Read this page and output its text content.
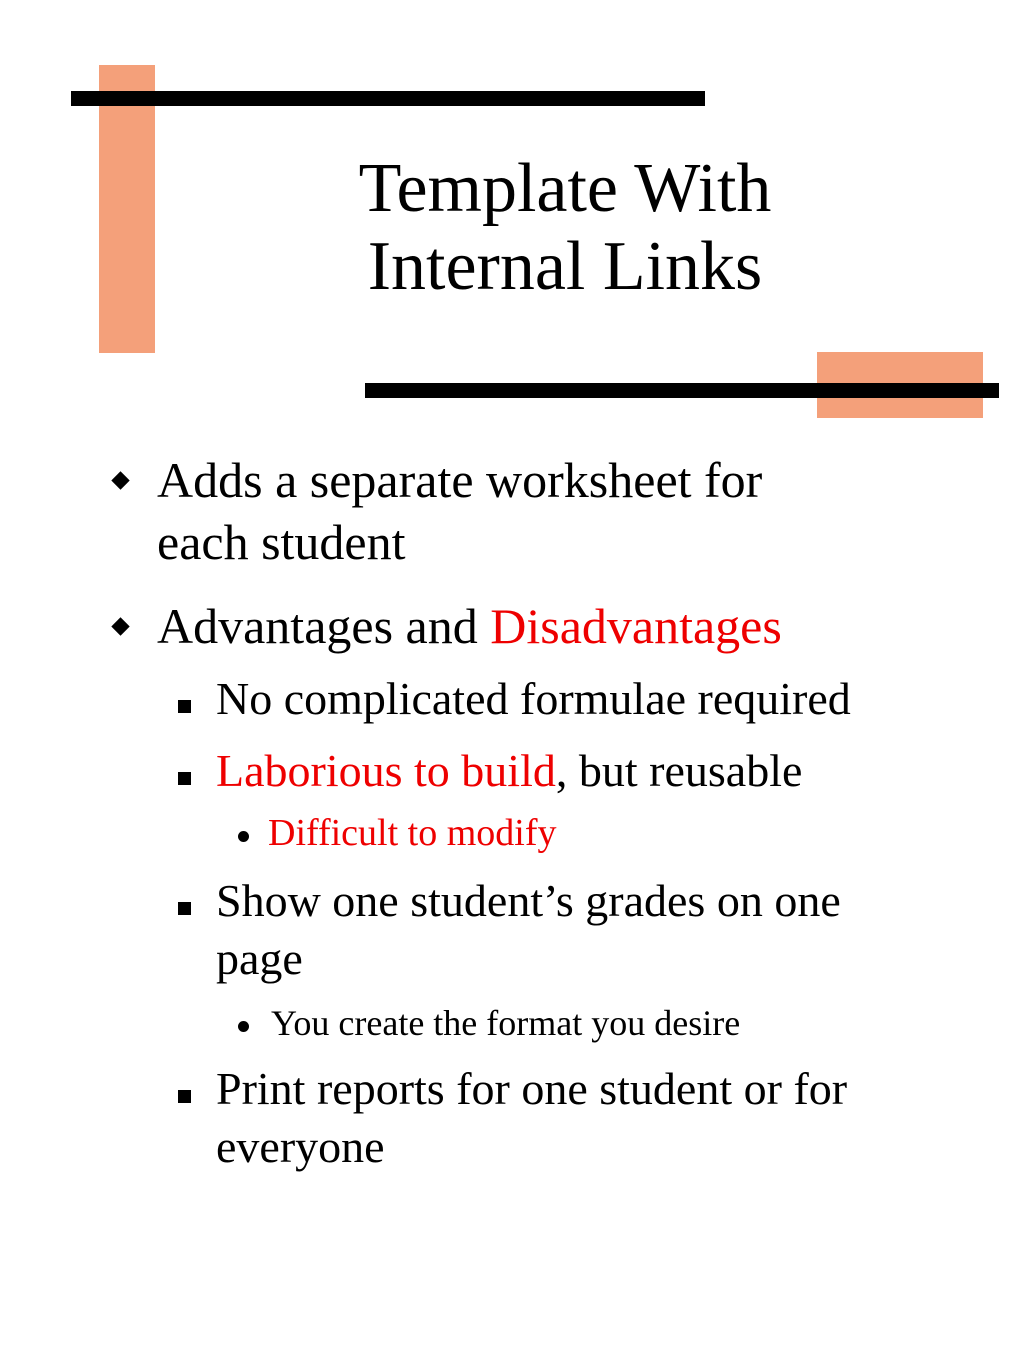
Template With
Internal Links
Adds a separate worksheet for
each student
Advantages and Disadvantages
No complicated formulae required
Laborious to build, but reusable
Difficult to modify
Show one student’s grades on one
page
You create the format you desire
Print reports for one student or for
everyone
